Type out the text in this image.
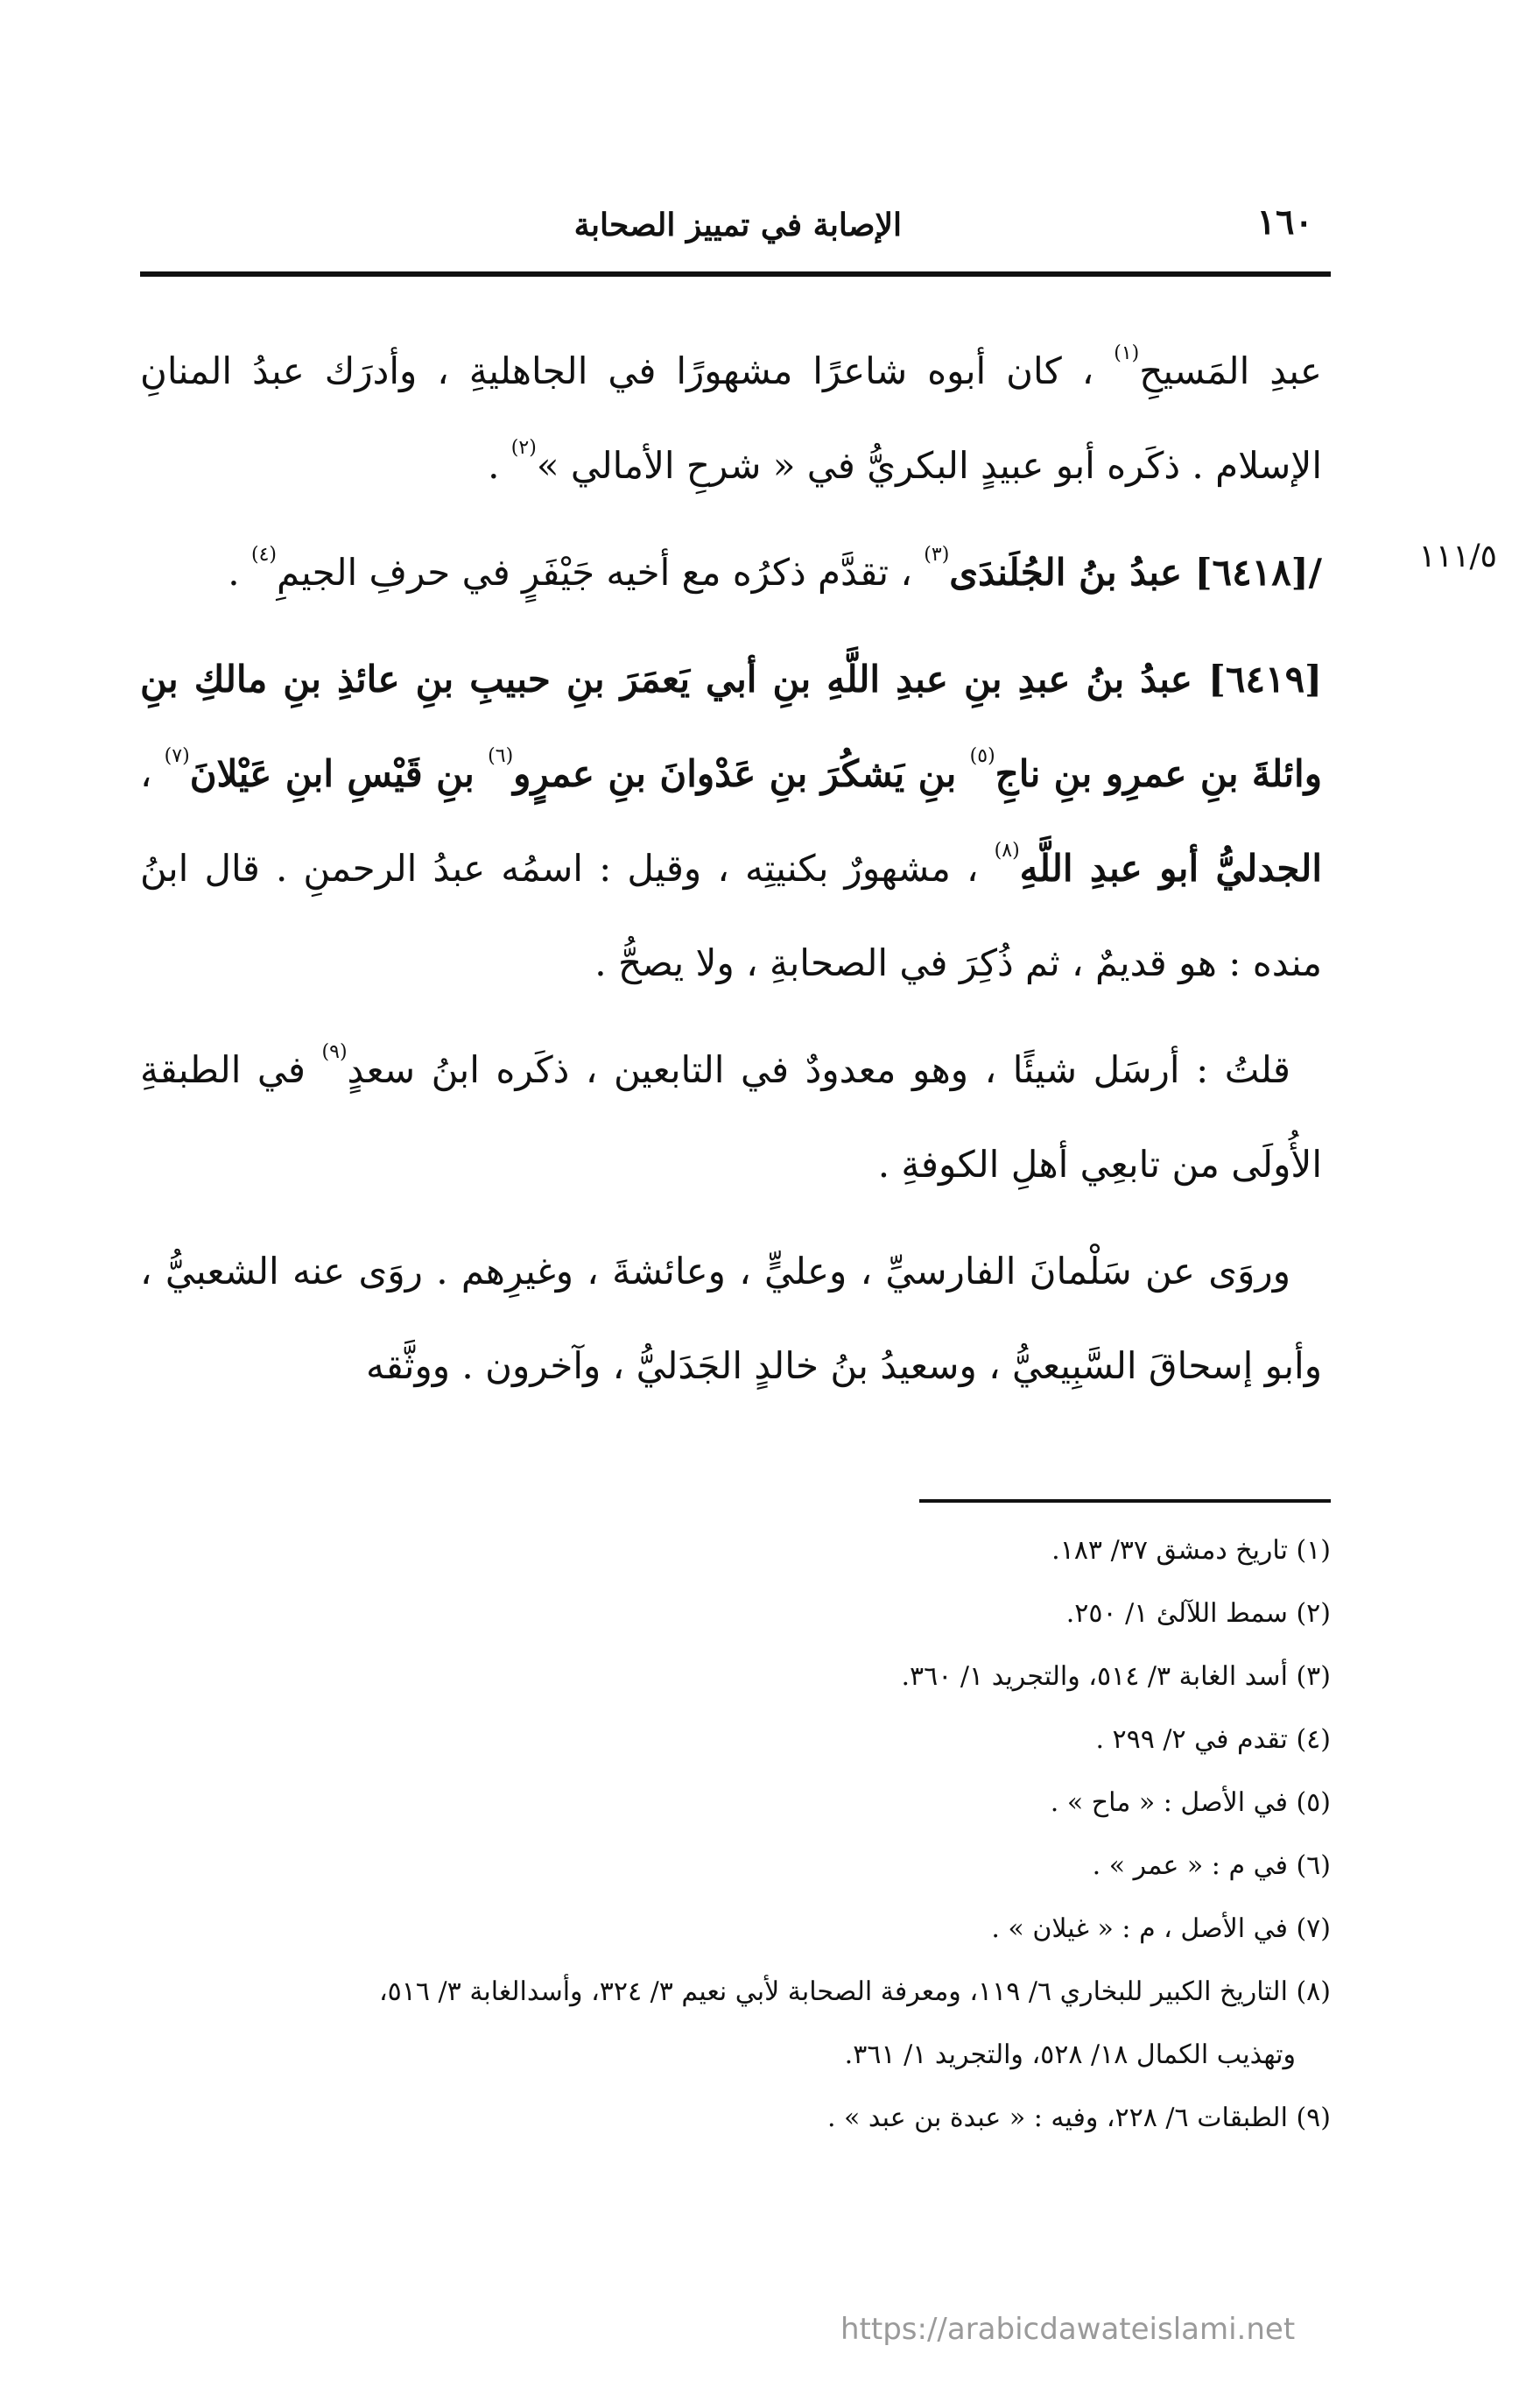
١٦٠
الإصابة في تمييز الصحابة
١١١/٥

عبدِ المَسيحِ$^{(١)}$ ، كان أبوه شاعرًا مشهورًا في الجاهليةِ ، وأدرَك عبدُ المنانِ الإسلام . ذكَره أبو عبيدٍ البكريُّ في « شرحِ الأمالي »$^{(٢)}$ .

/[٦٤١٨] عبدُ بنُ الجُلَندَى$^{(٣)}$ ، تقدَّم ذكرُه مع أخيه جَيْفَرٍ في حرفِ الجيمِ$^{(٤)}$ .

[٦٤١٩] عبدُ بنُ عبدِ بنِ عبدِ اللَّهِ بنِ أبي يَعمَرَ بنِ حبيبِ بنِ عائذِ بنِ مالكِ بنِ وائلةَ بنِ عمرِو بنِ ناجِ$^{(٥)}$ بنِ يَشكُرَ بنِ عَدْوانَ بنِ عمرٍو$^{(٦)}$ بنِ قَيْسِ ابنِ عَيْلانَ$^{(٧)}$ ، الجدليُّ أبو عبدِ اللَّهِ$^{(٨)}$ ، مشهورٌ بكنيتِه ، وقيل : اسمُه عبدُ الرحمنِ . قال ابنُ منده : هو قديمٌ ، ثم ذُكِرَ في الصحابةِ ، ولا يصحُّ .

قلتُ : أرسَل شيئًا ، وهو معدودٌ في التابعين ، ذكَره ابنُ سعدٍ$^{(٩)}$ في الطبقةِ الأُولَى من تابعِي أهلِ الكوفةِ .

وروَى عن سَلْمانَ الفارسيِّ ، وعليٍّ ، وعائشةَ ، وغيرِهم . روَى عنه الشعبيُّ ، وأبو إسحاقَ السَّبِيعيُّ ، وسعيدُ بنُ خالدٍ الجَدَليُّ ، وآخرون . ووثَّقه

(١) تاريخ دمشق ٣٧/ ١٨٣.

(٢) سمط اللآلئ ١/ ٢٥٠.

(٣) أسد الغابة ٣/ ٥١٤، والتجريد ١/ ٣٦٠.

(٤) تقدم في ٢/ ٢٩٩ .

(٥) في الأصل : « ماح » .

(٦) في م : « عمر » .

(٧) في الأصل ، م : « غيلان » .

(٨) التاريخ الكبير للبخاري ٦/ ١١٩، ومعرفة الصحابة لأبي نعيم ٣/ ٣٢٤، وأسدالغابة ٣/ ٥١٦،

وتهذيب الكمال ١٨/ ٥٢٨، والتجريد ١/ ٣٦١.

(٩) الطبقات ٦/ ٢٢٨، وفيه : « عبدة بن عبد » .

https://arabicdawateislami.net
